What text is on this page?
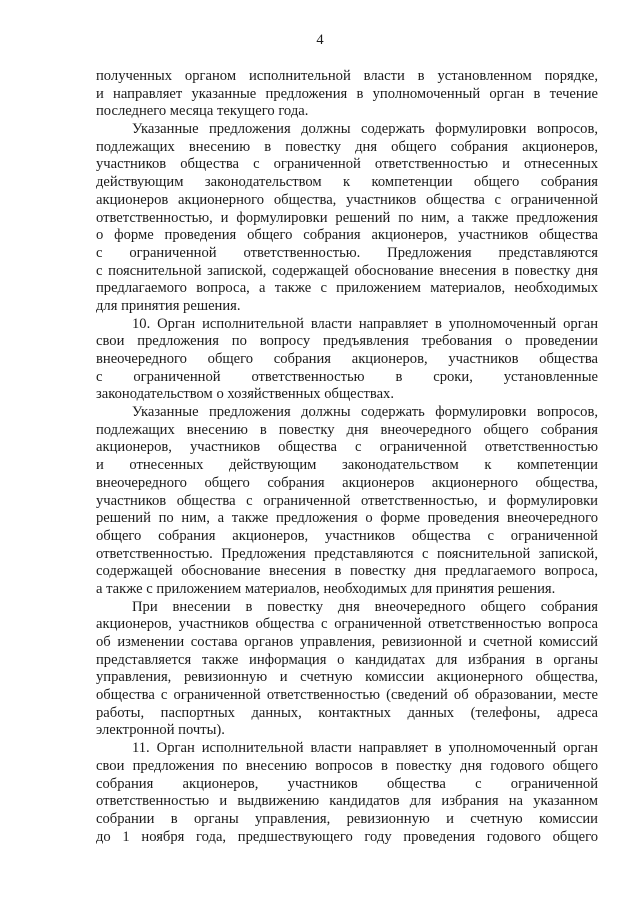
4
полученных органом исполнительной власти в установленном порядке,
и направляет указанные предложения в уполномоченный орган в течение
последнего месяца текущего года.
Указанные предложения должны содержать формулировки вопросов,
подлежащих внесению в повестку дня общего собрания акционеров,
участников общества с ограниченной ответственностью и отнесенных
действующим законодательством к компетенции общего собрания
акционеров акционерного общества, участников общества с ограниченной
ответственностью, и формулировки решений по ним, а также предложения
о форме проведения общего собрания акционеров, участников общества
с ограниченной ответственностью. Предложения представляются
с пояснительной запиской, содержащей обоснование внесения в повестку дня
предлагаемого вопроса, а также с приложением материалов, необходимых
для принятия решения.
10. Орган исполнительной власти направляет в уполномоченный орган
свои предложения по вопросу предъявления требования о проведении
внеочередного общего собрания акционеров, участников общества
с ограниченной ответственностью в сроки, установленные
законодательством о хозяйственных обществах.
Указанные предложения должны содержать формулировки вопросов,
подлежащих внесению в повестку дня внеочередного общего собрания
акционеров, участников общества с ограниченной ответственностью
и отнесенных действующим законодательством к компетенции
внеочередного общего собрания акционеров акционерного общества,
участников общества с ограниченной ответственностью, и формулировки
решений по ним, а также предложения о форме проведения внеочередного
общего собрания акционеров, участников общества с ограниченной
ответственностью. Предложения представляются с пояснительной запиской,
содержащей обоснование внесения в повестку дня предлагаемого вопроса,
а также с приложением материалов, необходимых для принятия решения.
При внесении в повестку дня внеочередного общего собрания
акционеров, участников общества с ограниченной ответственностью вопроса
об изменении состава органов управления, ревизионной и счетной комиссий
представляется также информация о кандидатах для избрания в органы
управления, ревизионную и счетную комиссии акционерного общества,
общества с ограниченной ответственностью (сведений об образовании, месте
работы, паспортных данных, контактных данных (телефоны, адреса
электронной почты).
11. Орган исполнительной власти направляет в уполномоченный орган
свои предложения по внесению вопросов в повестку дня годового общего
собрания акционеров, участников общества с ограниченной
ответственностью и выдвижению кандидатов для избрания на указанном
собрании в органы управления, ревизионную и счетную комиссии
до 1 ноября года, предшествующего году проведения годового общего
